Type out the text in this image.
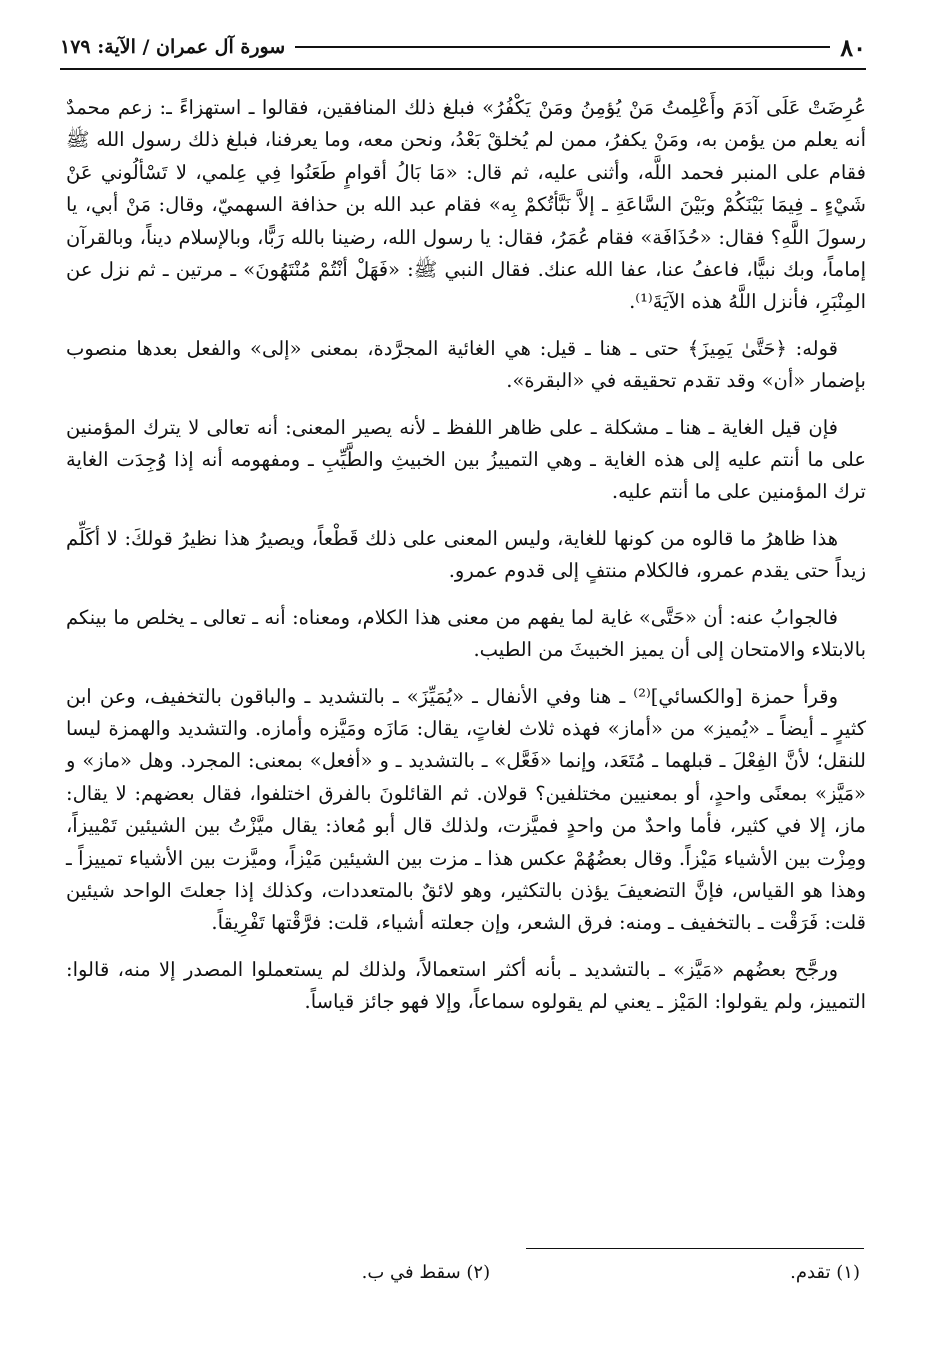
٨٠
سورة آل عمران / الآية: ١٧٩

عُرِضَتْ عَلَى آدَمَ وأَعْلِمتُ مَنْ يُؤمِنُ ومَنْ يَكْفُرُ» فبلغ ذلك المنافقين، فقالوا ـ استهزاءً ـ: زعم محمدٌ أنه يعلم من يؤمن به، ومَنْ يكفرُ، ممن لم يُخلقْ بَعْدُ، ونحن معه، وما يعرفنا، فبلغ ذلك رسول الله ﷺ فقام على المنبر فحمد اللَّه، وأثنى عليه، ثم قال: «مَا بَالُ أقوامٍ طَعَنُوا فِي عِلمي، لا تَسْألُوني عَنْ شَيْءٍ ـ فِيمَا بَيْنَكُمْ وبَيْنَ السَّاعَةِ ـ إلاَّ نَبَّأتُكمْ بِه» فقام عبد الله بن حذافة السهميّ، وقال: مَنْ أبي، يا رسولَ اللَّهِ؟ فقال: «حُذَافَة» فقام عُمَرُ، فقال: يا رسول الله، رضينا بالله رَبًّا، وبالإسلام ديناً، وبالقرآن إماماً، وبك نبيًّا، فاعفُ عنا، عفا الله عنك. فقال النبي ﷺ: «فَهَلْ أنْتُمْ مُنْتَهُونَ» ـ مرتين ـ ثم نزل عن المِنْبَرِ، فأنزل اللَّهُ هذه الآيَةَ⁽¹⁾.

قوله: ﴿حَتَّىٰ يَمِيزَ﴾ حتى ـ هنا ـ قيل: هي الغائية المجرَّدة، بمعنى «إلى» والفعل بعدها منصوب بإضمار «أن» وقد تقدم تحقيقه في «البقرة».

فإن قيل الغاية ـ هنا ـ مشكلة ـ على ظاهر اللفظ ـ لأنه يصير المعنى: أنه تعالى لا يترك المؤمنين على ما أنتم عليه إلى هذه الغاية ـ وهي التمييزُ بين الخبيثِ والطَّيِّبِ ـ ومفهومه أنه إذا وُجِدَت الغاية ترك المؤمنين على ما أنتم عليه.

هذا ظاهرُ ما قالوه من كونها للغاية، وليس المعنى على ذلك قَطْعاً، ويصيرُ هذا نظيرُ قولكَ: لا أكَلِّم زيداً حتى يقدم عمرو، فالكلام منتفٍ إلى قدوم عمرو.

فالجوابُ عنه: أن «حَتَّى» غاية لما يفهم من معنى هذا الكلام، ومعناه: أنه ـ تعالى ـ يخلص ما بينكم بالابتلاء والامتحان إلى أن يميز الخبيثَ من الطيب.

وقرأ حمزة [والكسائي]⁽²⁾ ـ هنا وفي الأنفال ـ «يُمَيِّزَ» ـ بالتشديد ـ والباقون بالتخفيف، وعن ابن كثيرٍ ـ أيضاً ـ «يُميز» من «أماز» فهذه ثلاث لغاتٍ، يقال: مَازَه ومَيَّزه وأمازه. والتشديد والهمزة ليسا للنقل؛ لأنَّ الفِعْلَ ـ قبلهما ـ مُتَعَد، وإنما «فَعَّل» ـ بالتشديد ـ و «أفعل» بمعنى: المجرد. وهل «ماز» و «مَيَّز» بمعنًى واحدٍ، أو بمعنيين مختلفين؟ قولان. ثم القائلونَ بالفرق اختلفوا، فقال بعضهم: لا يقال: ماز، إلا في كثير، فأما واحدٌ من واحدٍ فميَّزت، ولذلك قال أبو مُعاذ: يقال ميَّزْتُ بين الشيئين تَمْييزاً، ومِزْت بين الأشياء مَيْزاً. وقال بعضُهُمْ عكس هذا ـ مزت بين الشيئين مَيْزاً، وميَّزت بين الأشياء تمييزاً ـ وهذا هو القياس، فإنَّ التضعيفَ يؤذن بالتكثير، وهو لائقٌ بالمتعددات، وكذلك إذا جعلتَ الواحد شيئين قلت: فَرَقْت ـ بالتخفيف ـ ومنه: فرق الشعر، وإن جعلته أشياء، قلت: فرَّقْتها تَفْرِيقاً.

ورجَّح بعضُهم «مَيَّز» ـ بالتشديد ـ بأنه أكثر استعمالاً، ولذلك لم يستعملوا المصدر إلا منه، قالوا: التمييز، ولم يقولوا: المَيْز ـ يعني لم يقولوه سماعاً، وإلا فهو جائز قياساً.

(١) تقدم.
(٢) سقط في ب.
